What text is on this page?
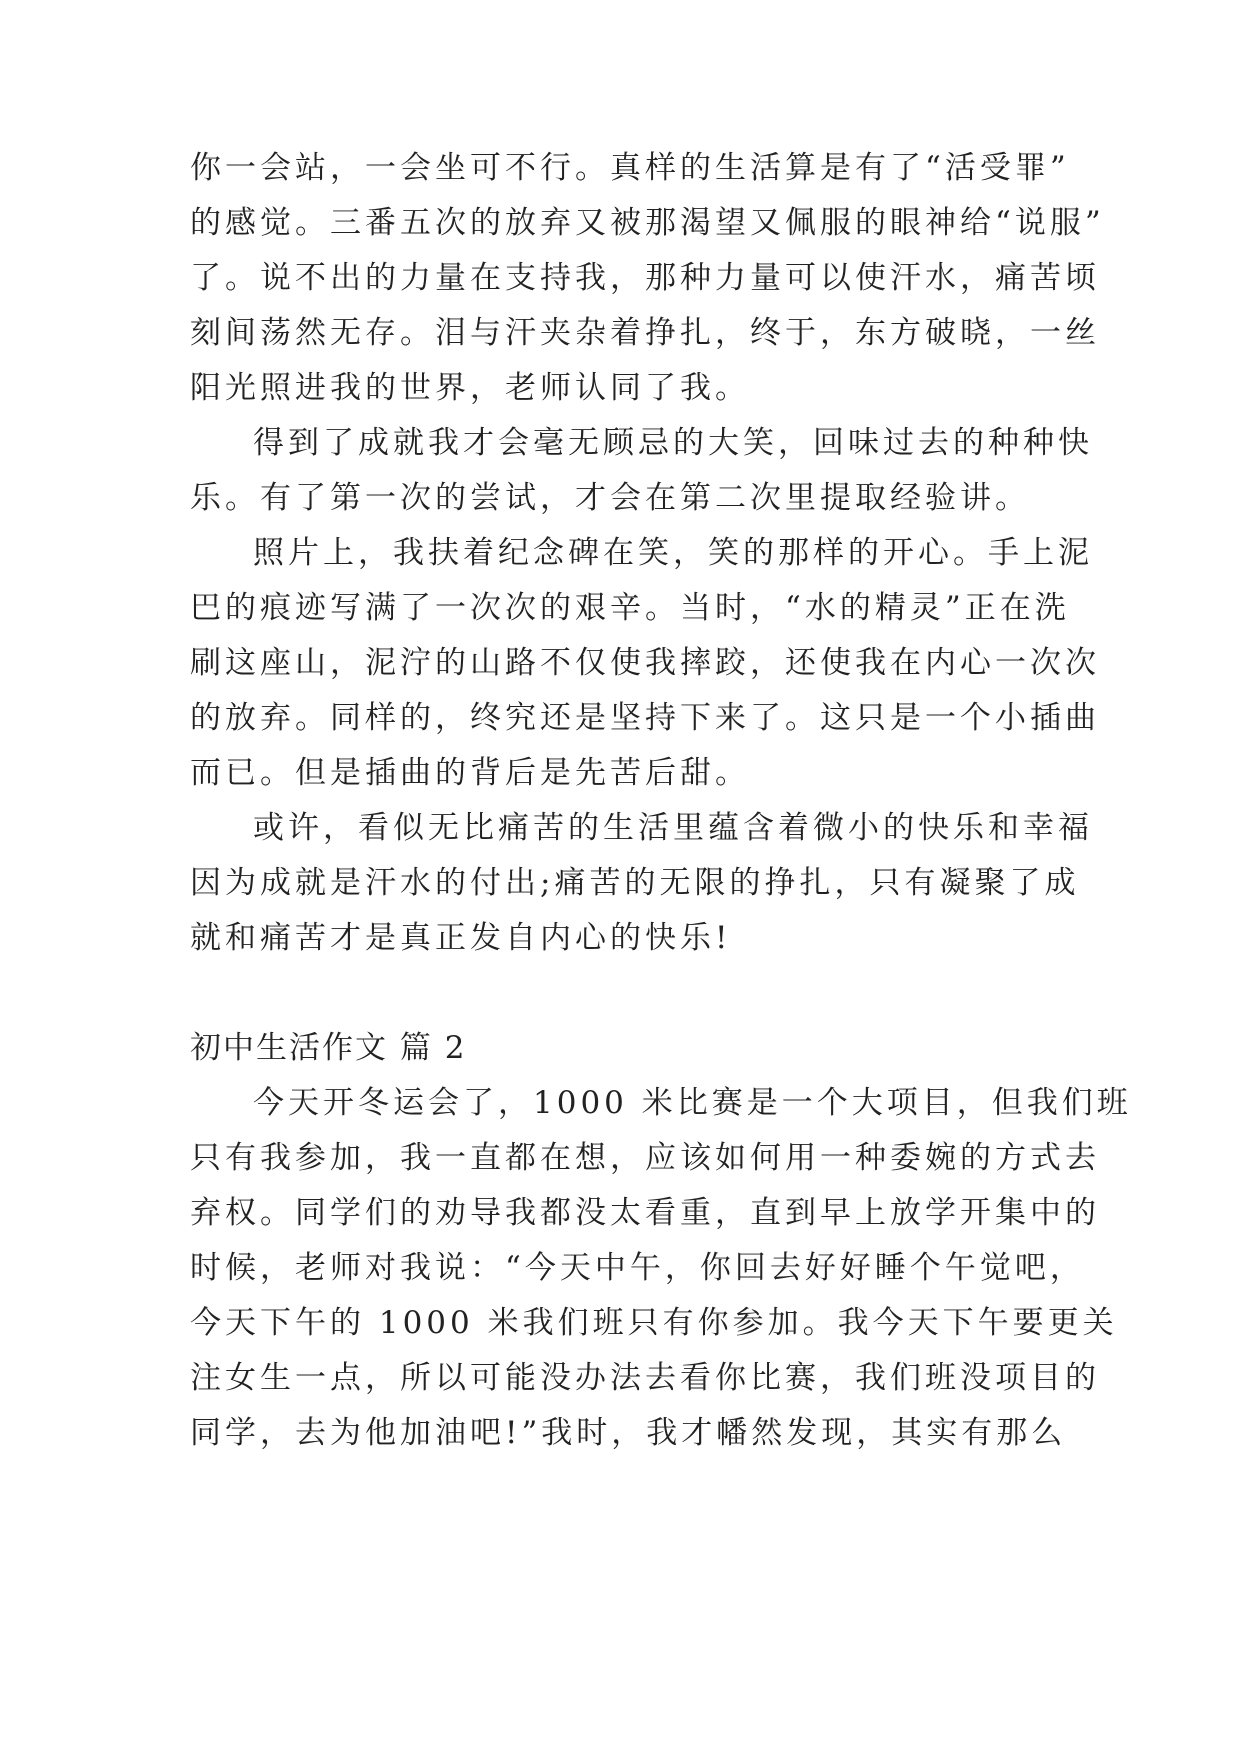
你一会站，一会坐可不行。真样的生活算是有了“活受罪”
的感觉。三番五次的放弃又被那渴望又佩服的眼神给“说服”
了。说不出的力量在支持我，那种力量可以使汗水，痛苦顷
刻间荡然无存。泪与汗夹杂着挣扎，终于，东方破晓，一丝
阳光照进我的世界，老师认同了我。
得到了成就我才会毫无顾忌的大笑，回味过去的种种快
乐。有了第一次的尝试，才会在第二次里提取经验讲。
照片上，我扶着纪念碑在笑，笑的那样的开心。手上泥
巴的痕迹写满了一次次的艰辛。当时，“水的精灵”正在洗
刷这座山，泥泞的山路不仅使我摔跤，还使我在内心一次次
的放弃。同样的，终究还是坚持下来了。这只是一个小插曲
而已。但是插曲的背后是先苦后甜。
或许，看似无比痛苦的生活里蕴含着微小的快乐和幸福
因为成就是汗水的付出;痛苦的无限的挣扎，只有凝聚了成
就和痛苦才是真正发自内心的快乐!
初中生活作文 篇 2
今天开冬运会了，1000 米比赛是一个大项目，但我们班
只有我参加，我一直都在想，应该如何用一种委婉的方式去
弃权。同学们的劝导我都没太看重，直到早上放学开集中的
时候，老师对我说：“今天中午，你回去好好睡个午觉吧，
今天下午的 1000 米我们班只有你参加。我今天下午要更关
注女生一点，所以可能没办法去看你比赛，我们班没项目的
同学，去为他加油吧!”我时，我才幡然发现，其实有那么
